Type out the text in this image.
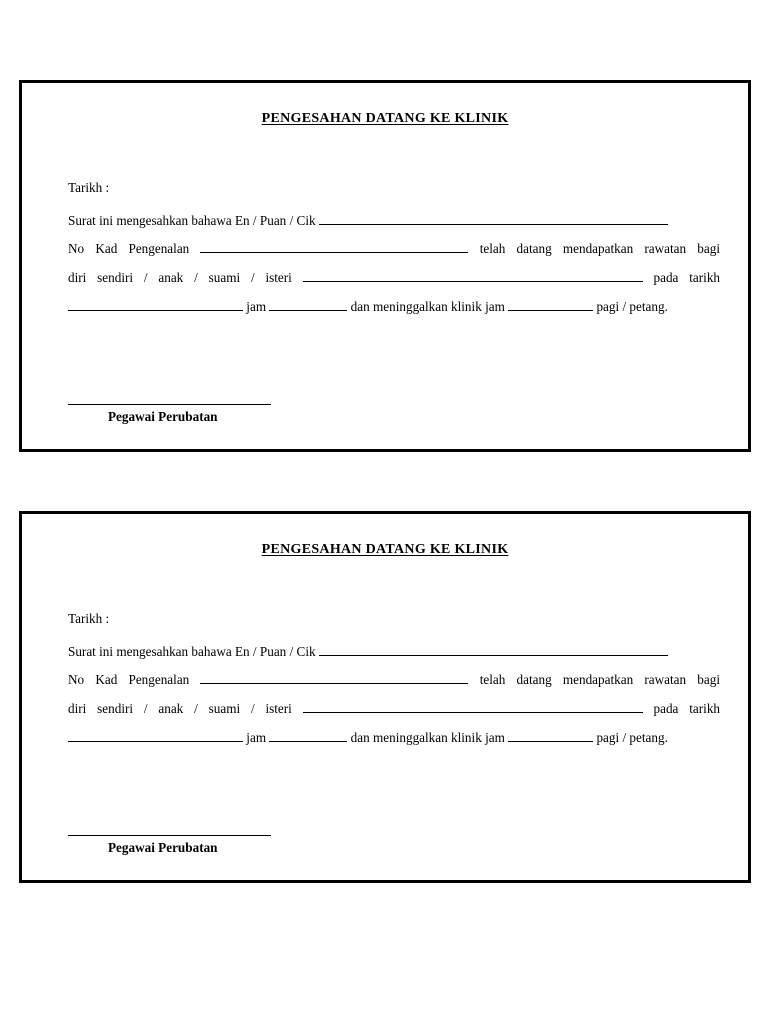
PENGESAHAN DATANG KE KLINIK
Tarikh :
Surat ini mengesahkan bahawa En / Puan / Cik
No Kad Pengenalan	telah datang mendapatkan rawatan bagi
diri sendiri / anak / suami / isteri	pada tarikh
jam	dan meninggalkan klinik jam	pagi / petang.
Pegawai Perubatan
PENGESAHAN DATANG KE KLINIK
Tarikh :
Surat ini mengesahkan bahawa En / Puan / Cik
No Kad Pengenalan	telah datang mendapatkan rawatan bagi
diri sendiri / anak / suami / isteri	pada tarikh
jam	dan meninggalkan klinik jam	pagi / petang.
Pegawai Perubatan
